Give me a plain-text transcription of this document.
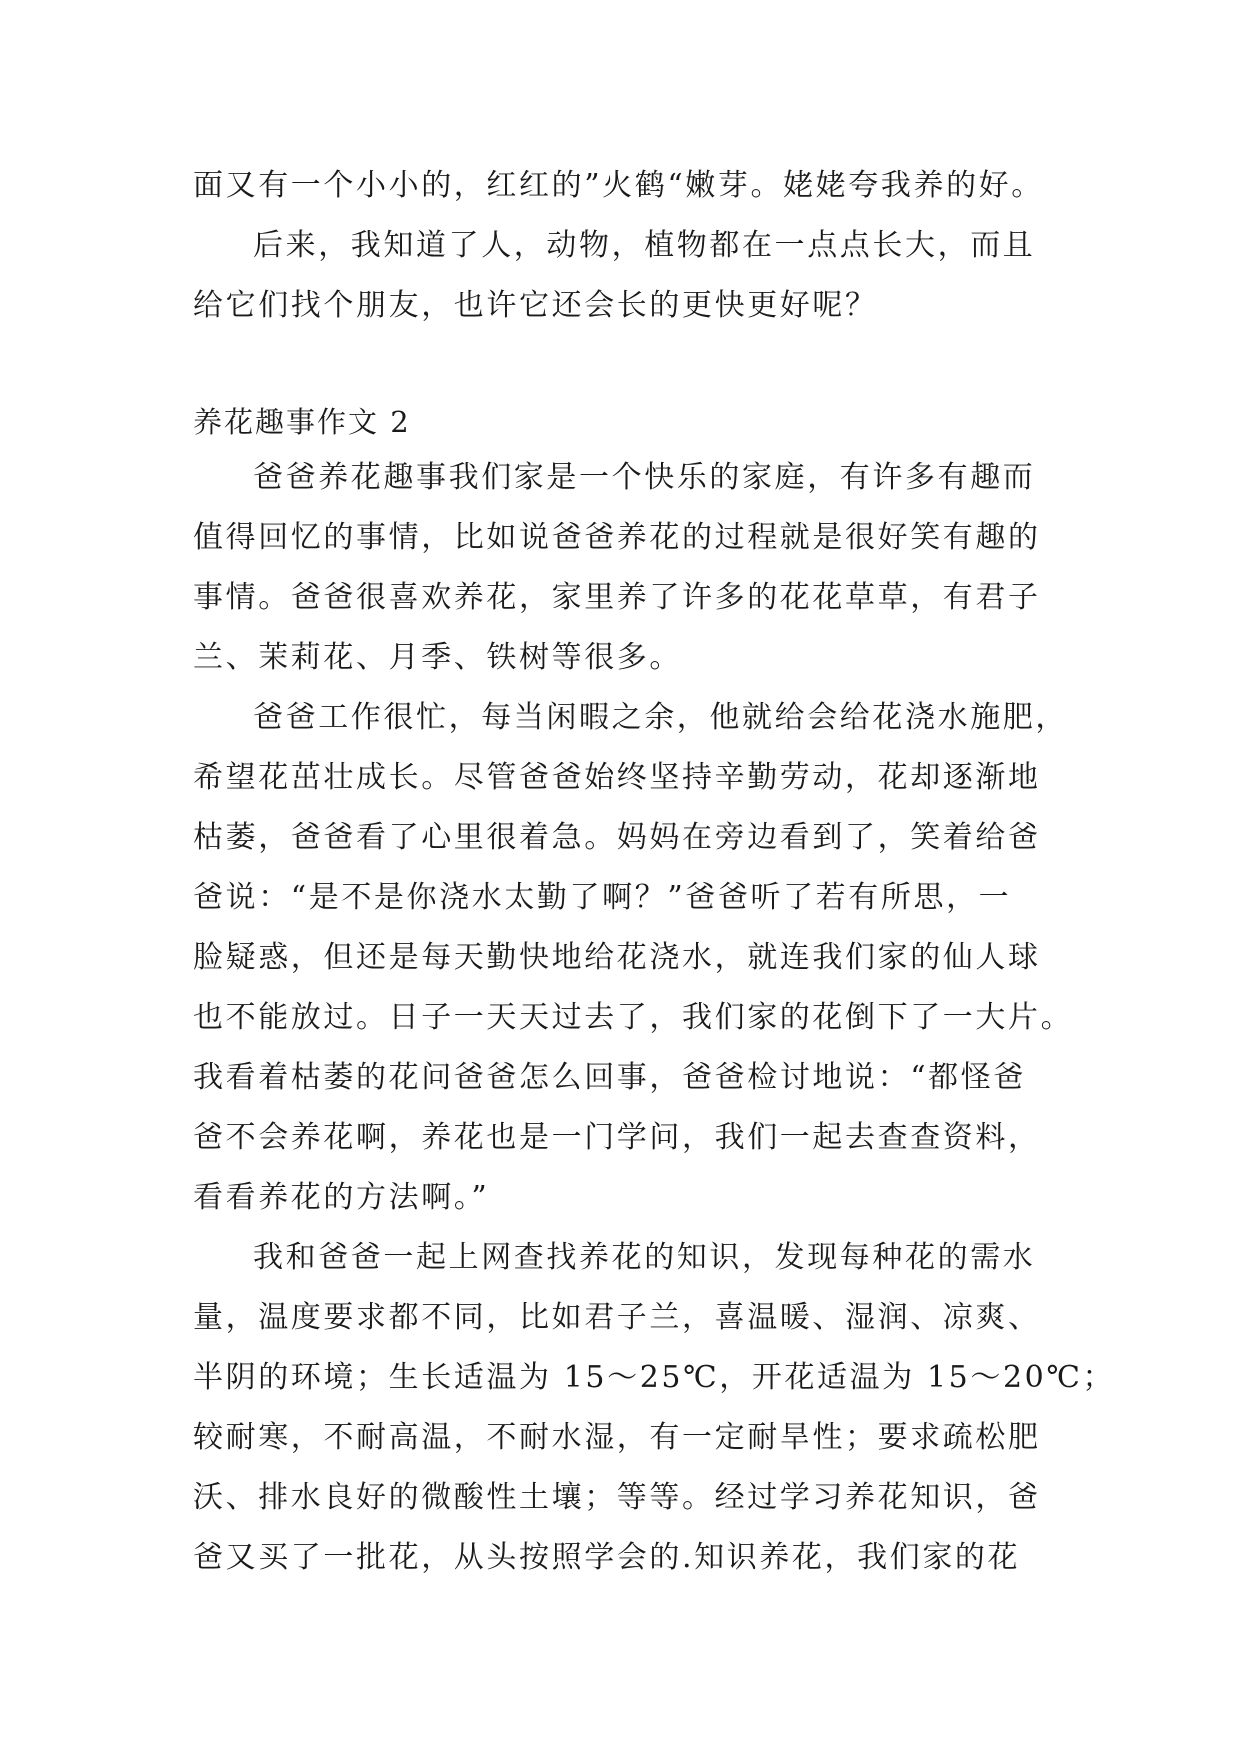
面又有一个小小的，红红的”火鹤“嫩芽。姥姥夸我养的好。
后来，我知道了人，动物，植物都在一点点长大，而且
给它们找个朋友，也许它还会长的更快更好呢？
养花趣事作文 2
爸爸养花趣事我们家是一个快乐的家庭，有许多有趣而
值得回忆的事情，比如说爸爸养花的过程就是很好笑有趣的
事情。爸爸很喜欢养花，家里养了许多的花花草草，有君子
兰、茉莉花、月季、铁树等很多。
爸爸工作很忙，每当闲暇之余，他就给会给花浇水施肥，
希望花茁壮成长。尽管爸爸始终坚持辛勤劳动，花却逐渐地
枯萎，爸爸看了心里很着急。妈妈在旁边看到了，笑着给爸
爸说：“是不是你浇水太勤了啊？”爸爸听了若有所思，一
脸疑惑，但还是每天勤快地给花浇水，就连我们家的仙人球
也不能放过。日子一天天过去了，我们家的花倒下了一大片。
我看着枯萎的花问爸爸怎么回事，爸爸检讨地说：“都怪爸
爸不会养花啊，养花也是一门学问，我们一起去查查资料，
看看养花的方法啊。”
我和爸爸一起上网查找养花的知识，发现每种花的需水
量，温度要求都不同，比如君子兰，喜温暖、湿润、凉爽、
半阴的环境；生长适温为 15～25℃，开花适温为 15～20℃；
较耐寒，不耐高温，不耐水湿，有一定耐旱性；要求疏松肥
沃、排水良好的微酸性土壤；等等。经过学习养花知识，爸
爸又买了一批花，从头按照学会的.知识养花，我们家的花
